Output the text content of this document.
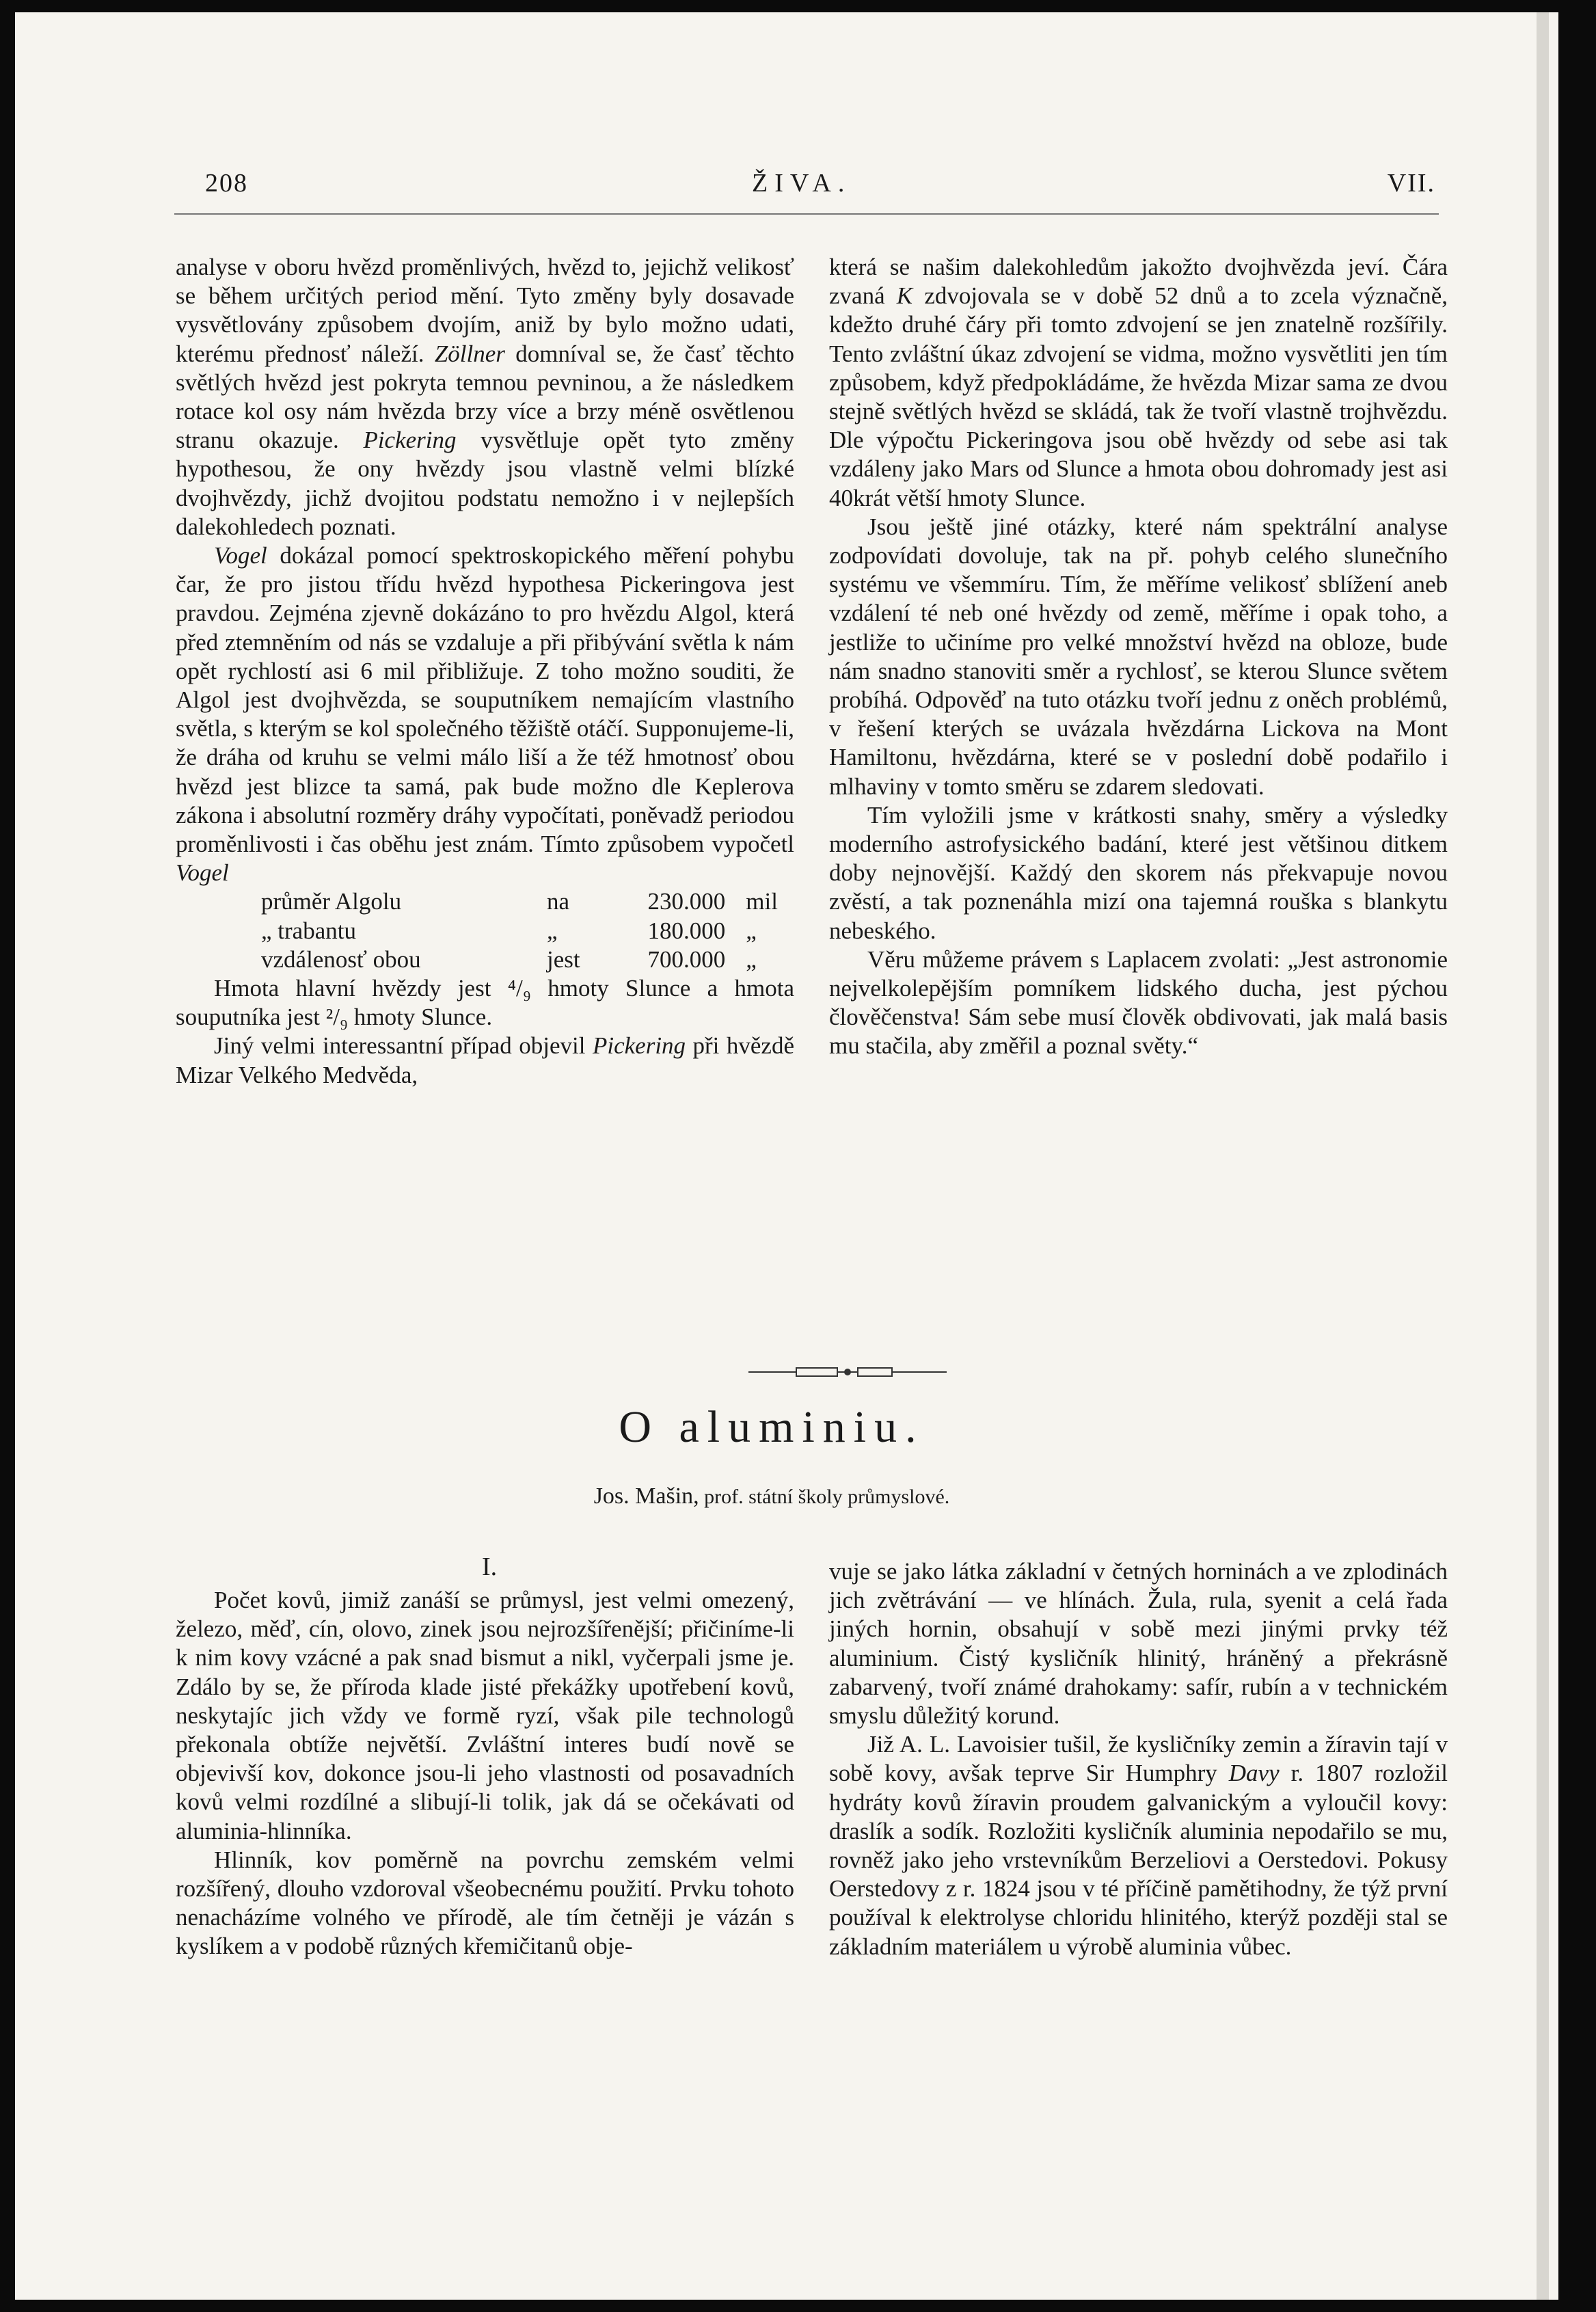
208	ŽIVA.	VII.

analyse v oboru hvězd proměnlivých, hvězd to, jejichž velikosť se během určitých period mění. Tyto změny byly dosavade vysvětlovány způsobem dvojím, aniž by bylo možno udati, kterému přednosť náleží. Zöllner domníval se, že časť těchto světlých hvězd jest pokryta temnou pevninou, a že následkem rotace kol osy nám hvězda brzy více a brzy méně osvětlenou stranu okazuje. Pickering vysvětluje opět tyto změny hypothesou, že ony hvězdy jsou vlastně velmi blízké dvojhvězdy, jichž dvojitou podstatu nemožno i v nejlepších dalekohledech poznati.

Vogel dokázal pomocí spektroskopického měření pohybu čar, že pro jistou třídu hvězd hypothesa Pickeringova jest pravdou. Zejména zjevně dokázáno to pro hvězdu Algol, která před ztemněním od nás se vzdaluje a při přibývání světla k nám opět rychlostí asi 6 mil přibližuje. Z toho možno souditi, že Algol jest dvojhvězda, se souputníkem nemajícím vlastního světla, s kterým se kol společného těžiště otáčí. Supponujeme-li, že dráha od kruhu se velmi málo liší a že též hmotnosť obou hvězd jest blizce ta samá, pak bude možno dle Keplerova zákona i absolutní rozměry dráhy vypočítati, poněvadž periodou proměnlivosti i čas oběhu jest znám. Tímto způsobem vypočetl Vogel

průměr Algolu	na	230.000	mil
„ trabantu	„	180.000	„
vzdálenosť obou	jest	700.000	„

Hmota hlavní hvězdy jest ⁴/₉ hmoty Slunce a hmota souputníka jest ²/₉ hmoty Slunce.

Jiný velmi interessantní případ objevil Pickering při hvězdě Mizar Velkého Medvěda,

která se našim dalekohledům jakožto dvojhvězda jeví. Čára zvaná K zdvojovala se v době 52 dnů a to zcela význačně, kdežto druhé čáry při tomto zdvojení se jen znatelně rozšířily. Tento zvláštní úkaz zdvojení se vidma, možno vysvětliti jen tím způsobem, když předpokládáme, že hvězda Mizar sama ze dvou stejně světlých hvězd se skládá, tak že tvoří vlastně trojhvězdu. Dle výpočtu Pickeringova jsou obě hvězdy od sebe asi tak vzdáleny jako Mars od Slunce a hmota obou dohromady jest asi 40krát větší hmoty Slunce.

Jsou ještě jiné otázky, které nám spektrální analyse zodpovídati dovoluje, tak na př. pohyb celého slunečního systému ve všemmíru. Tím, že měříme velikosť sblížení aneb vzdálení té neb oné hvězdy od země, měříme i opak toho, a jestliže to učiníme pro velké množství hvězd na obloze, bude nám snadno stanoviti směr a rychlosť, se kterou Slunce světem probíhá. Odpověď na tuto otázku tvoří jednu z oněch problémů, v řešení kterých se uvázala hvězdárna Lickova na Mont Hamiltonu, hvězdárna, které se v poslední době podařilo i mlhaviny v tomto směru se zdarem sledovati.

Tím vyložili jsme v krátkosti snahy, směry a výsledky moderního astrofysického badání, které jest většinou ditkem doby nejnovější. Každý den skorem nás překvapuje novou zvěstí, a tak poznenáhla mizí ona tajemná rouška s blankytu nebeského.

Věru můžeme právem s Laplacem zvolati: „Jest astronomie nejvelkolepějším pomníkem lidského ducha, jest pýchou člověčenstva! Sám sebe musí člověk obdivovati, jak malá basis mu stačila, aby změřil a poznal světy.“

O aluminiu.
Jos. Mašin, prof. státní školy průmyslové.
I.

Počet kovů, jimiž zanáší se průmysl, jest velmi omezený, železo, měď, cín, olovo, zinek jsou nejrozšířenější; přičiníme-li k nim kovy vzácné a pak snad bismut a nikl, vyčerpali jsme je. Zdálo by se, že příroda klade jisté překážky upotřebení kovů, neskytajíc jich vždy ve formě ryzí, však pile technologů překonala obtíže největší. Zvláštní interes budí nově se objevivší kov, dokonce jsou-li jeho vlastnosti od posavadních kovů velmi rozdílné a slibují-li tolik, jak dá se očekávati od aluminia-hlinníka.

Hlinník, kov poměrně na povrchu zemském velmi rozšířený, dlouho vzdoroval všeobecnému použití. Prvku tohoto nenacházíme volného ve přírodě, ale tím četněji je vázán s kyslíkem a v podobě různých křemičitanů obje-

vuje se jako látka základní v četných horninách a ve zplodinách jich zvětrávání — ve hlínách. Žula, rula, syenit a celá řada jiných hornin, obsahují v sobě mezi jinými prvky též aluminium. Čistý kysličník hlinitý, hráněný a překrásně zabarvený, tvoří známé drahokamy: safír, rubín a v technickém smyslu důležitý korund.

Již A. L. Lavoisier tušil, že kysličníky zemin a žíravin tají v sobě kovy, avšak teprve Sir Humphry Davy r. 1807 rozložil hydráty kovů žíravin proudem galvanickým a vyloučil kovy: draslík a sodík. Rozložiti kysličník aluminia nepodařilo se mu, rovněž jako jeho vrstevníkům Berzeliovi a Oerstedovi. Pokusy Oerstedovy z r. 1824 jsou v té příčině pamětihodny, že týž první používal k elektrolyse chloridu hlinitého, kterýž později stal se základním materiálem u výrobě aluminia vůbec.
